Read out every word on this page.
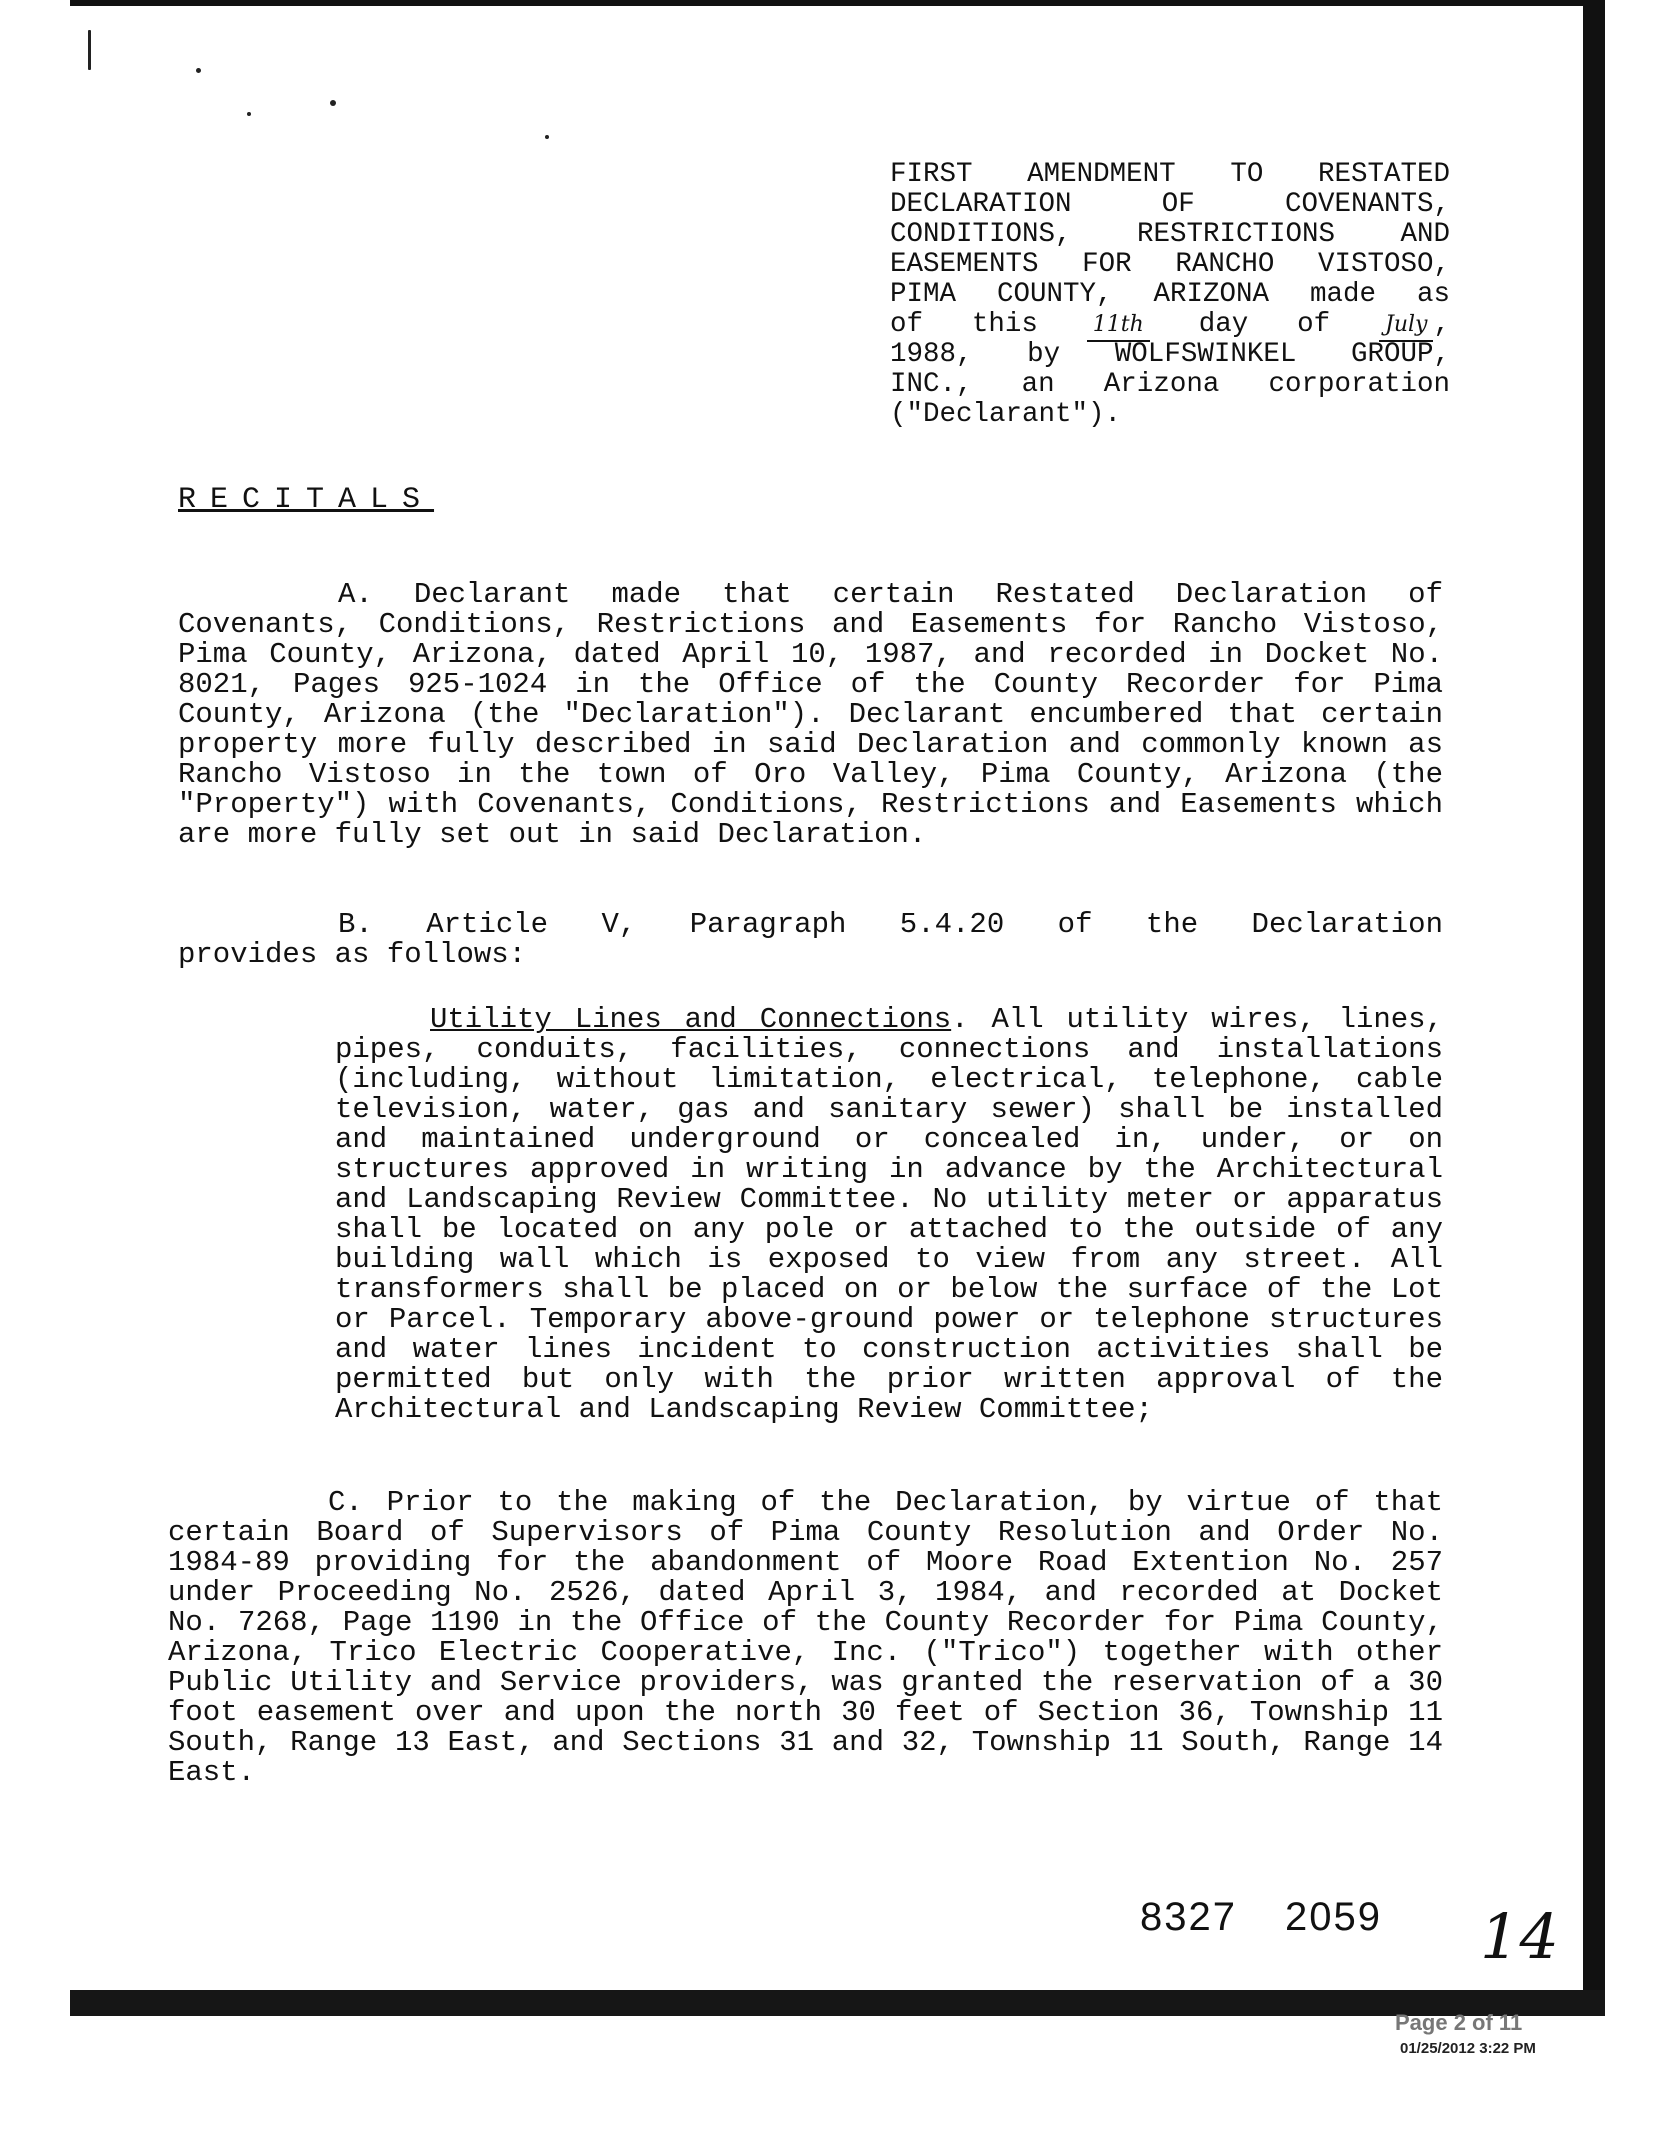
FIRST AMENDMENT TO RESTATED
DECLARATION OF COVENANTS,
CONDITIONS, RESTRICTIONS AND
EASEMENTS FOR RANCHO VISTOSO,
PIMA COUNTY, ARIZONA made as
of this 11th day of July ,
1988, by WOLFSWINKEL GROUP,
INC., an Arizona corporation
("Declarant").
RECITALS
A. Declarant made that certain Restated Declaration of Covenants, Conditions, Restrictions and Easements for Rancho Vistoso, Pima County, Arizona, dated April 10, 1987, and recorded in Docket No. 8021, Pages 925-1024 in the Office of the County Recorder for Pima County, Arizona (the "Declaration"). Declarant encumbered that certain property more fully described in said Declaration and commonly known as Rancho Vistoso in the town of Oro Valley, Pima County, Arizona (the "Property") with Covenants, Conditions, Restrictions and Easements which are more fully set out in said Declaration.
B. Article V, Paragraph 5.4.20 of the Declaration
provides as follows:
Utility Lines and Connections. All utility wires, lines, pipes, conduits, facilities, connections and installations (including, without limitation, electrical, telephone, cable television, water, gas and sanitary sewer) shall be installed and maintained underground or concealed in, under, or on structures approved in writing in advance by the Architectural and Landscaping Review Committee. No utility meter or apparatus shall be located on any pole or attached to the outside of any building wall which is exposed to view from any street. All transformers shall be placed on or below the surface of the Lot or Parcel. Temporary above-ground power or telephone structures and water lines incident to construction activities shall be permitted but only with the prior written approval of the Architectural and Landscaping Review Committee;
C. Prior to the making of the Declaration, by virtue of that certain Board of Supervisors of Pima County Resolution and Order No. 1984-89 providing for the abandonment of Moore Road Extention No. 257 under Proceeding No. 2526, dated April 3, 1984, and recorded at Docket No. 7268, Page 1190 in the Office of the County Recorder for Pima County, Arizona, Trico Electric Cooperative, Inc. ("Trico") together with other Public Utility and Service providers, was granted the reservation of a 30 foot easement over and upon the north 30 feet of Section 36, Township 11 South, Range 13 East, and Sections 31 and 32, Township 11 South, Range 14 East.
8327 2059	14
Page 2 of 11
01/25/2012 3:22 PM
